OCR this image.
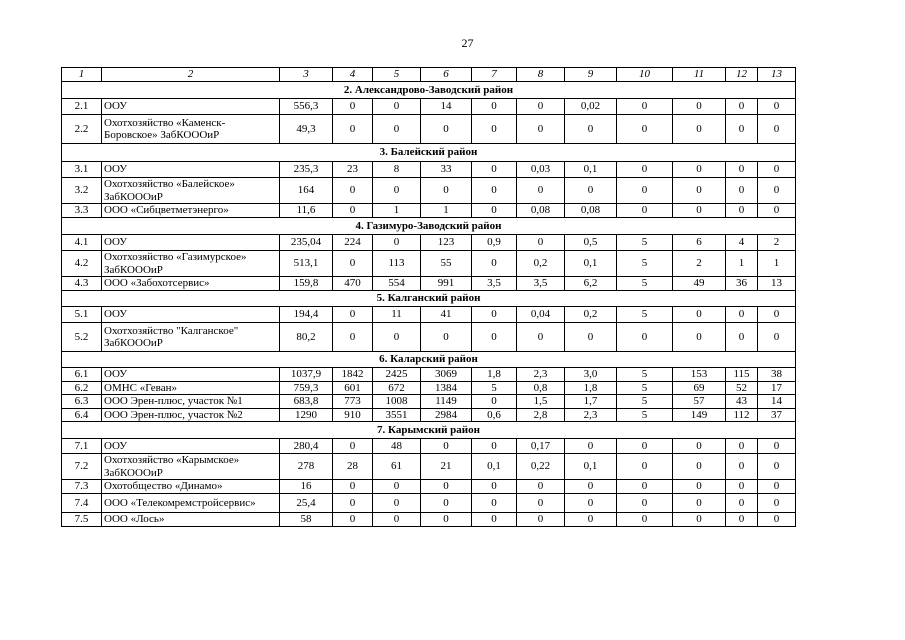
27
1	2	3	4	5	6	7	8	9	10	11	12	13
2. Александрово-Заводский район												
2.1	ООУ	556,3	0	0	14	0	0	0,02	0	0	0	0
2.2	Охотхозяйство «Каменск-Боровское» ЗабКОООиР	49,3	0	0	0	0	0	0	0	0	0	0
3. Балейский район												
3.1	ООУ	235,3	23	8	33	0	0,03	0,1	0	0	0	0
3.2	Охотхозяйство «Балейское» ЗабКОООиР	164	0	0	0	0	0	0	0	0	0	0
3.3	ООО «Сибцветметэнерго»	11,6	0	1	1	0	0,08	0,08	0	0	0	0
4. Газимуро-Заводский район												
4.1	ООУ	235,04	224	0	123	0,9	0	0,5	5	6	4	2
4.2	Охотхозяйство «Газимурское» ЗабКОООиР	513,1	0	113	55	0	0,2	0,1	5	2	1	1
4.3	ООО «Забохотсервис»	159,8	470	554	991	3,5	3,5	6,2	5	49	36	13
5. Калганский район												
5.1	ООУ	194,4	0	11	41	0	0,04	0,2	5	0	0	0
5.2	Охотхозяйство "Калганское" ЗабКОООиР	80,2	0	0	0	0	0	0	0	0	0	0
6. Каларский район												
6.1	ООУ	1037,9	1842	2425	3069	1,8	2,3	3,0	5	153	115	38
6.2	ОМНС «Геван»	759,3	601	672	1384	5	0,8	1,8	5	69	52	17
6.3	ООО Эрен-плюс, участок №1	683,8	773	1008	1149	0	1,5	1,7	5	57	43	14
6.4	ООО Эрен-плюс, участок №2	1290	910	3551	2984	0,6	2,8	2,3	5	149	112	37
7. Карымский район												
7.1	ООУ	280,4	0	48	0	0	0,17	0	0	0	0	0
7.2	Охотхозяйство «Карымское» ЗабКОООиР	278	28	61	21	0,1	0,22	0,1	0	0	0	0
7.3	Охотобщество «Динамо»	16	0	0	0	0	0	0	0	0	0	0
7.4	ООО «Телекомремстройсервис»	25,4	0	0	0	0	0	0	0	0	0	0
7.5	ООО «Лось»	58	0	0	0	0	0	0	0	0	0	0
